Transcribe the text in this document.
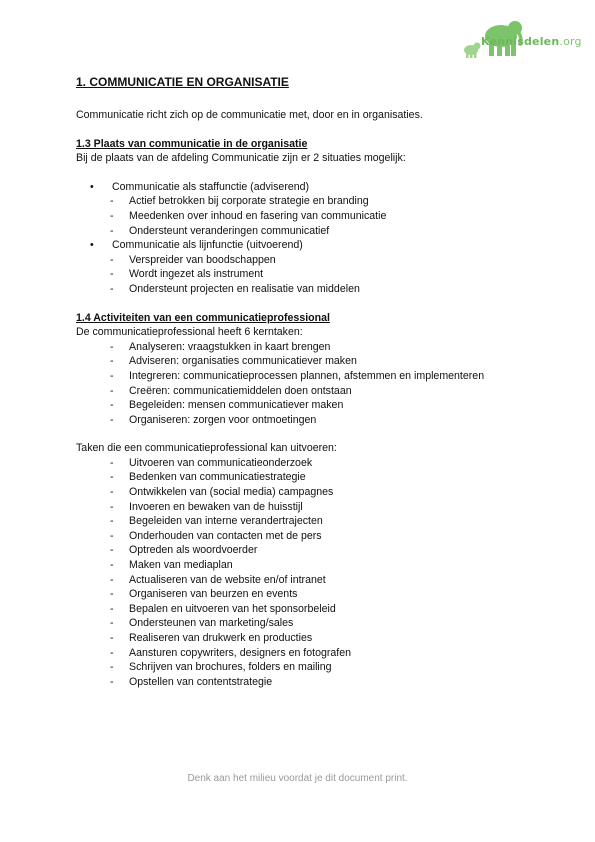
Kennisdelen.org
1. COMMUNICATIE EN ORGANISATIE

Communicatie richt zich op de communicatie met, door en in organisaties.

1.3 Plaats van communicatie in de organisatie

Bij de plaats van de afdeling Communicatie zijn er 2 situaties mogelijk:

• Communicatie als staffunctie (adviserend)
- Actief betrokken bij corporate strategie en branding
- Meedenken over inhoud en fasering van communicatie
- Ondersteunt veranderingen communicatief
• Communicatie als lijnfunctie (uitvoerend)
- Verspreider van boodschappen
- Wordt ingezet als instrument
- Ondersteunt projecten en realisatie van middelen
1.4 Activiteiten van een communicatieprofessional

De communicatieprofessional heeft 6 kerntaken:

- Analyseren: vraagstukken in kaart brengen
- Adviseren: organisaties communicatiever maken
- Integreren: communicatieprocessen plannen, afstemmen en implementeren
- Creëren: communicatiemiddelen doen ontstaan
- Begeleiden: mensen communicatiever maken
- Organiseren: zorgen voor ontmoetingen

Taken die een communicatieprofessional kan uitvoeren:

- Uitvoeren van communicatieonderzoek
- Bedenken van communicatiestrategie
- Ontwikkelen van (social media) campagnes
- Invoeren en bewaken van de huisstijl
- Begeleiden van interne verandertrajecten
- Onderhouden van contacten met de pers
- Optreden als woordvoerder
- Maken van mediaplan
- Actualiseren van de website en/of intranet
- Organiseren van beurzen en events
- Bepalen en uitvoeren van het sponsorbeleid
- Ondersteunen van marketing/sales
- Realiseren van drukwerk en producties
- Aansturen copywriters, designers en fotografen
- Schrijven van brochures, folders en mailing
- Opstellen van contentstrategie
Denk aan het milieu voordat je dit document print.
